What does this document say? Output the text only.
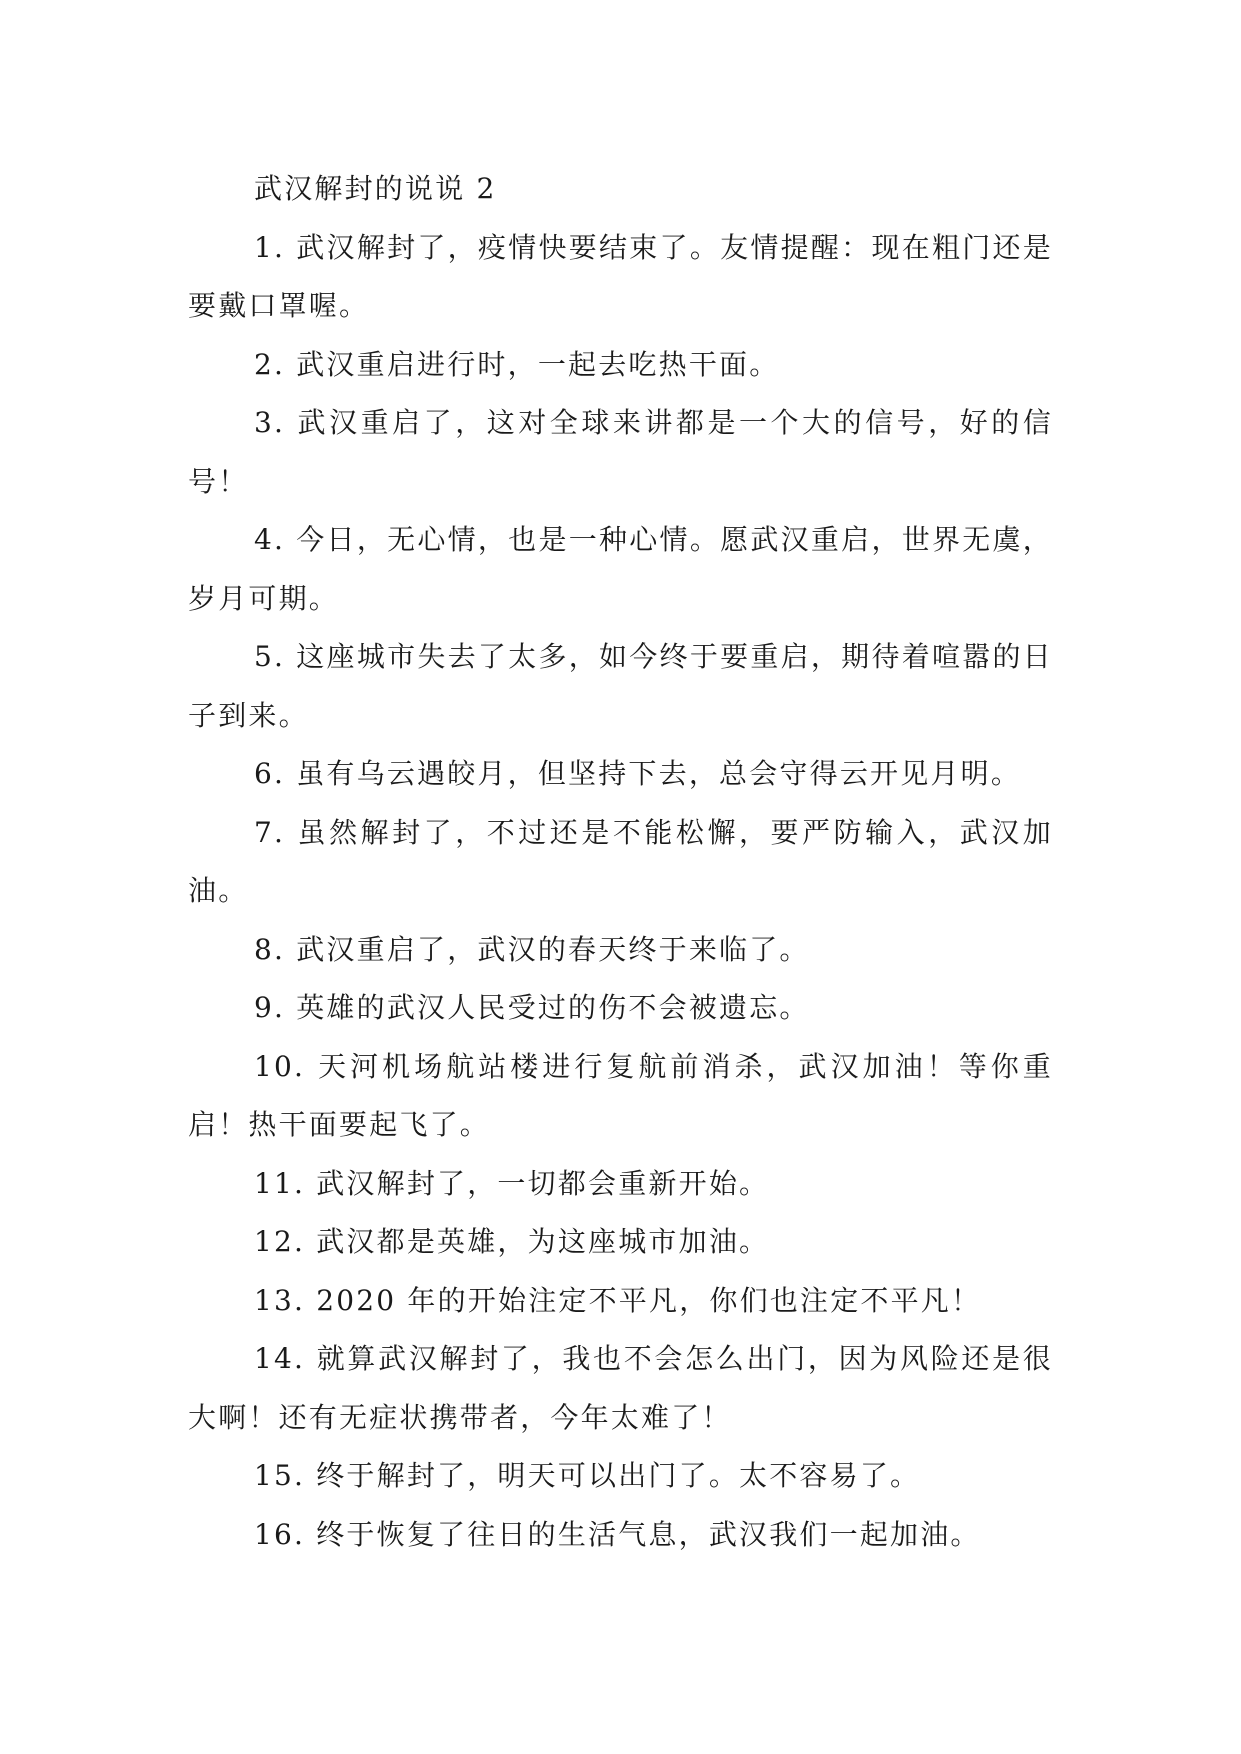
武汉解封的说说 2

1. 武汉解封了，疫情快要结束了。友情提醒：现在粗门还是要戴口罩喔。

2. 武汉重启进行时，一起去吃热干面。

3. 武汉重启了，这对全球来讲都是一个大的信号，好的信号！

4. 今日，无心情，也是一种心情。愿武汉重启，世界无虞，岁月可期。

5. 这座城市失去了太多，如今终于要重启，期待着喧嚣的日子到来。

6. 虽有乌云遇皎月，但坚持下去，总会守得云开见月明。

7. 虽然解封了，不过还是不能松懈，要严防输入，武汉加油。

8. 武汉重启了，武汉的春天终于来临了。

9. 英雄的武汉人民受过的伤不会被遗忘。

10. 天河机场航站楼进行复航前消杀，武汉加油！等你重启！热干面要起飞了。

11. 武汉解封了，一切都会重新开始。

12. 武汉都是英雄，为这座城市加油。

13. 2020 年的开始注定不平凡，你们也注定不平凡！

14. 就算武汉解封了，我也不会怎么出门，因为风险还是很大啊！还有无症状携带者，今年太难了！

15. 终于解封了，明天可以出门了。太不容易了。

16. 终于恢复了往日的生活气息，武汉我们一起加油。
